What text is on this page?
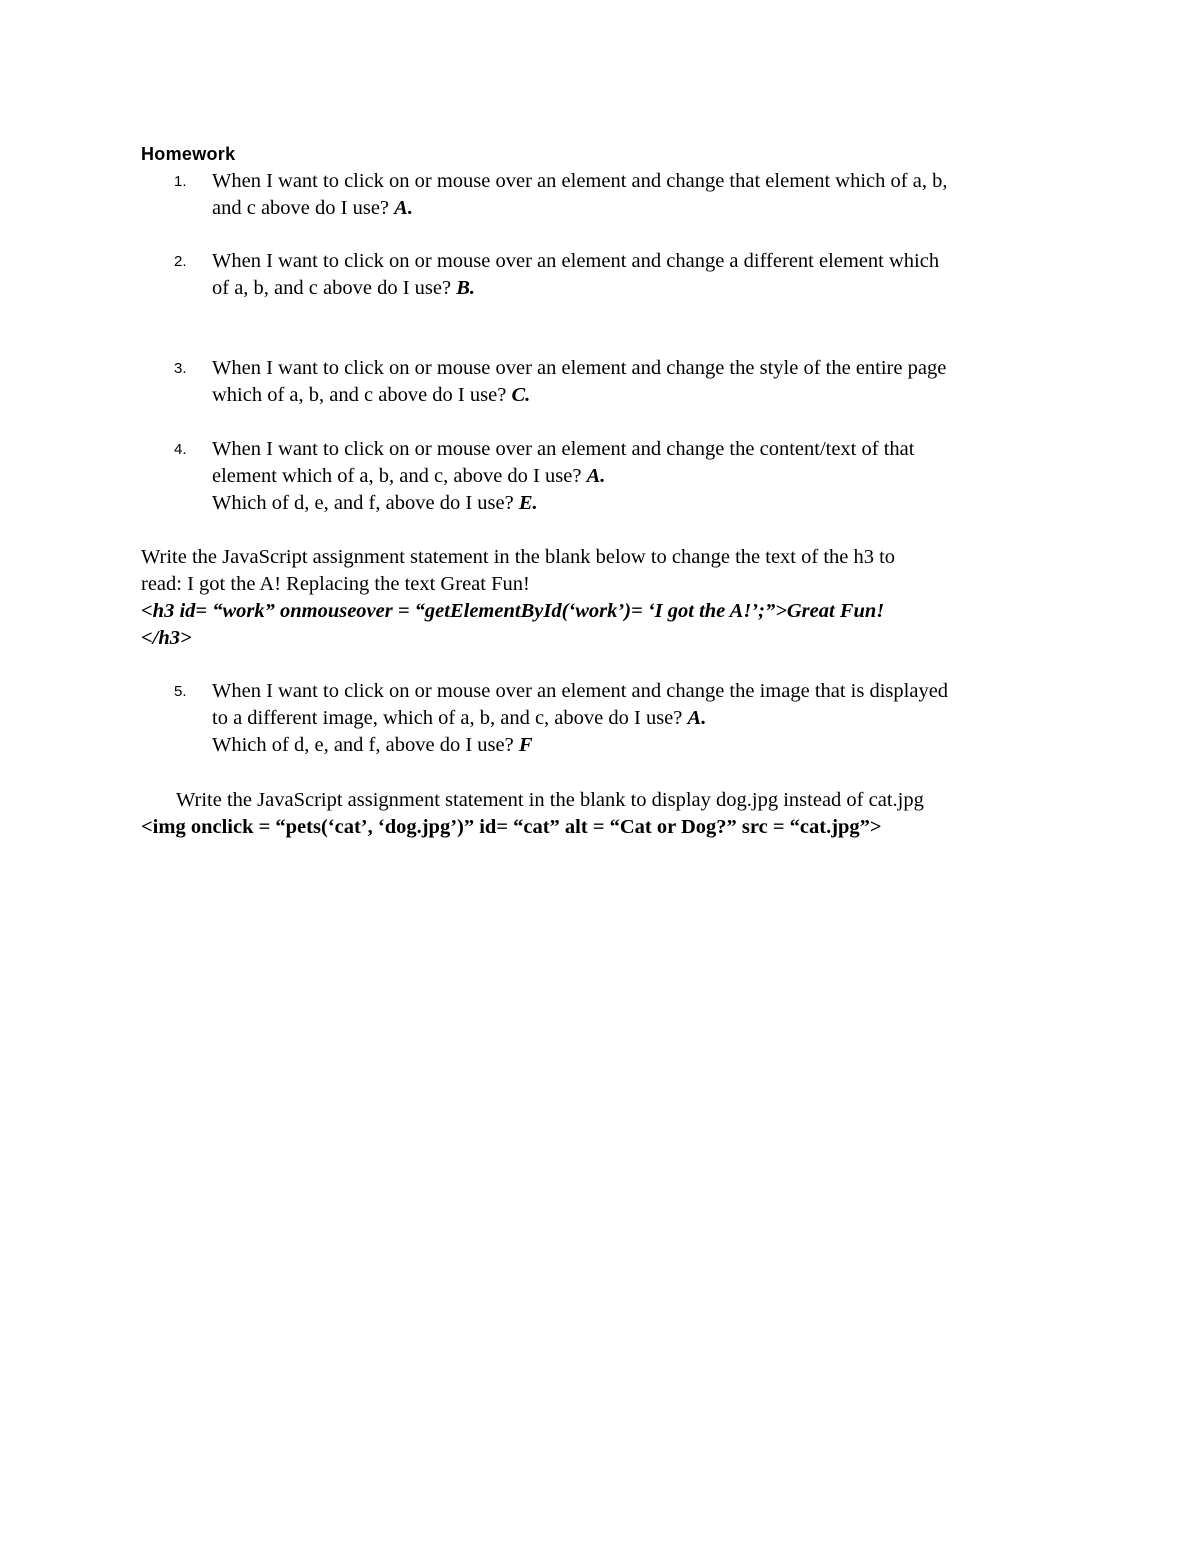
Homework
1. When I want to click on or mouse over an element and change that element which of a, b,
and c above do I use? A.
2. When I want to click on or mouse over an element and change a different element which
of a, b, and c above do I use? B.
3. When I want to click on or mouse over an element and change the style of the entire page
which of a, b, and c above do I use? C.
4. When I want to click on or mouse over an element and change the content/text of that
element which of a, b, and c, above do I use? A.
Which of d, e, and f, above do I use? E.
Write the JavaScript assignment statement in the blank below to change the text of the h3 to
read: I got the A! Replacing the text Great Fun!
<h3 id= “work” onmouseover = “getElementById(‘work’)= ‘I got the A!’;”>Great Fun!
</h3>
5. When I want to click on or mouse over an element and change the image that is displayed
to a different image, which of a, b, and c, above do I use? A.
Which of d, e, and f, above do I use? F
Write the JavaScript assignment statement in the blank to display dog.jpg instead of cat.jpg
<img onclick = “pets(‘cat’, ‘dog.jpg’)” id= “cat” alt = “Cat or Dog?” src = “cat.jpg”>
